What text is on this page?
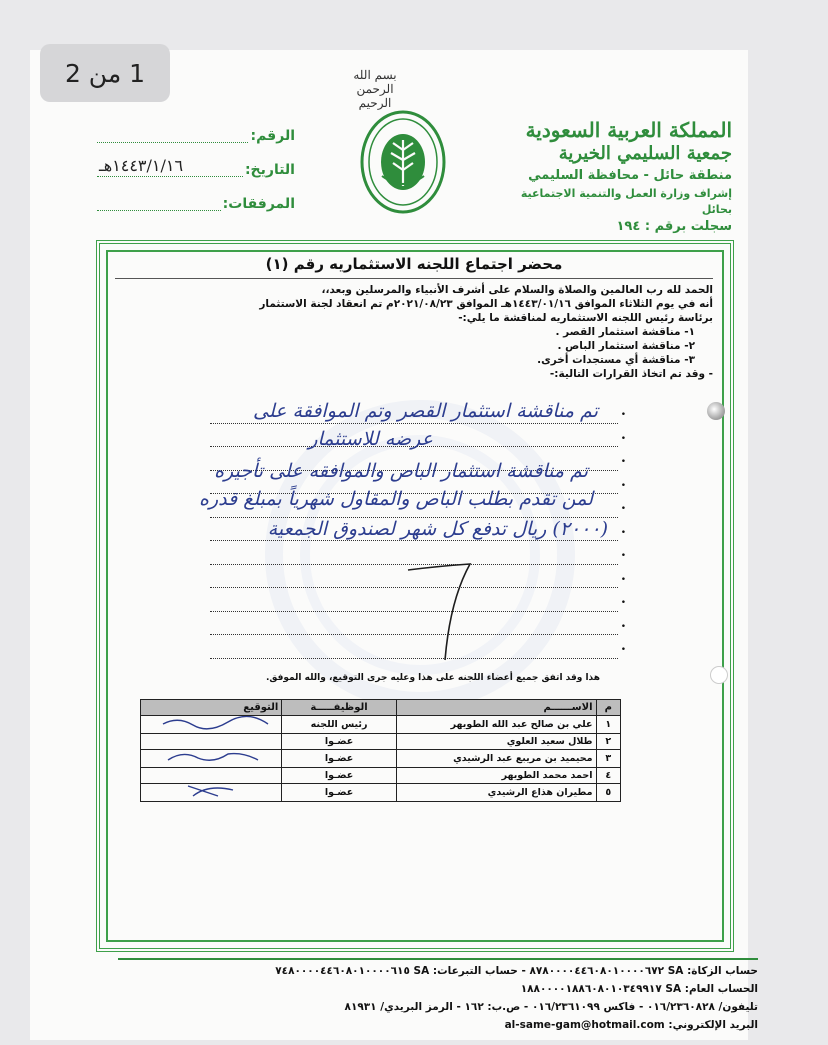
1 من 2	بسم الله الرحمن الرحيم
المملكة العربية السعودية
جمعية السليمي الخيرية
منطقة حائل - محافظة السليمي
إشراف وزارة العمل والتنمية الاجتماعية بحائل
سجلت برقم : ١٩٤
الرقم:
التاريخ:
١٤٤٣/١/١٦هـ
المرفقات:
محضر اجتماع اللجنه الاستثماريه رقم (١)
الحمد لله رب العالمين والصلاة والسلام على أشرف الأنبياء والمرسلين وبعد،،
أنه في يوم الثلاثاء الموافق ١٤٤٣/٠١/١٦هـ الموافق ٢٠٢١/٠٨/٢٣م تم انعقاد لجنة الاستثمار
برئاسة رئيس اللجنه الاستثماريه لمناقشة ما يلي:-
١- مناقشة استثمار القصر .
٢- مناقشة استثمار الباص .
٣- مناقشة أي مستجدات أخرى.
- وقد تم اتخاذ القرارات التالية:-
•
•
•
•
•
•
•
•
•
•
•
تم مناقشة استثمار القصر وتم الموافقة على
عرضه للاستثمار
تم مناقشة استثمار الباص والموافقه على تأجيره
لمن تقدم بطلب الباص والمقاول شهرياً بمبلغ قدره
(٢٠٠٠) ريال تدفع كل شهر لصندوق الجمعية
هذا وقد اتفق جميع أعضاء اللجنه على هذا وعليه جرى التوقيع، والله الموفق.
م	الاســــــم	الوظيفـــــة	التوقيع
١	علي بن صالح عبد الله الطويهر	رئيس اللجنه	
٢	طلال سعيد العلوي	عضـوا	
٣	محيميد بن مريبع عبد الرشيدي	عضـوا	
٤	احمد محمد الطويهر	عضـوا	
٥	مطيران هذاع الرشيدي	عضـوا	
حساب الزكاة: SA ٨٧٨٠٠٠٠٤٤٦٠٨٠١٠٠٠٠٦٧٢ - حساب التبرعات: SA ٧٤٨٠٠٠٠٤٤٦٠٨٠١٠٠٠٠٦١٥
الحساب العام: SA ١٨٨٠٠٠٠١٨٨٦٠٨٠١٠٣٤٩٩١٧
تليفون/ ٠١٦/٢٣٦٠٨٢٨ - فاكس ٠١٦/٢٣٦١٠٩٩ - ص.ب: ١٦٢ - الرمز البريدي/ ٨١٩٣١
البريد الإلكتروني: al-same-gam@hotmail.com
